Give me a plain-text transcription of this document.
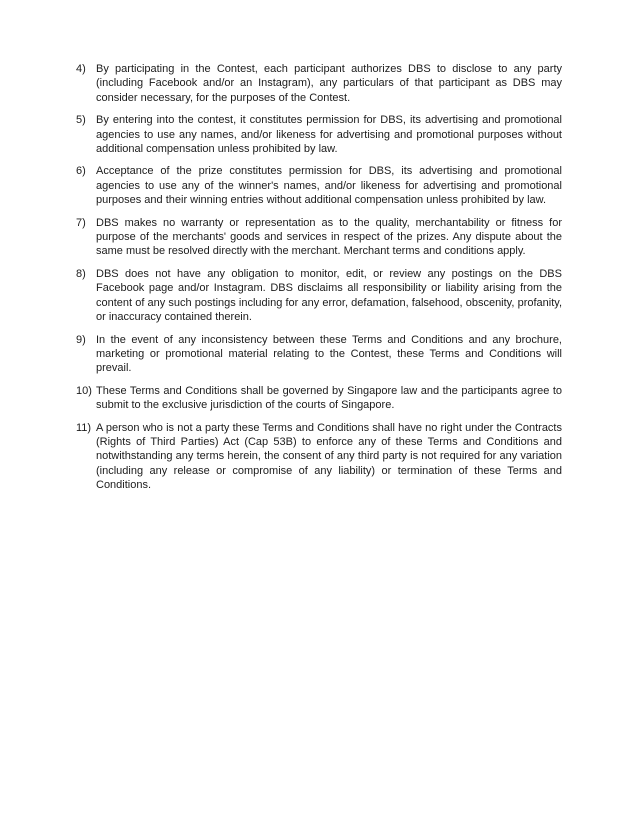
4) By participating in the Contest, each participant authorizes DBS to disclose to any party (including Facebook and/or an Instagram), any particulars of that participant as DBS may consider necessary, for the purposes of the Contest.
5) By entering into the contest, it constitutes permission for DBS, its advertising and promotional agencies to use any names, and/or likeness for advertising and promotional purposes without additional compensation unless prohibited by law.
6) Acceptance of the prize constitutes permission for DBS, its advertising and promotional agencies to use any of the winner's names, and/or likeness for advertising and promotional purposes and their winning entries without additional compensation unless prohibited by law.
7) DBS makes no warranty or representation as to the quality, merchantability or fitness for purpose of the merchants' goods and services in respect of the prizes. Any dispute about the same must be resolved directly with the merchant. Merchant terms and conditions apply.
8) DBS does not have any obligation to monitor, edit, or review any postings on the DBS Facebook page and/or Instagram. DBS disclaims all responsibility or liability arising from the content of any such postings including for any error, defamation, falsehood, obscenity, profanity, or inaccuracy contained therein.
9) In the event of any inconsistency between these Terms and Conditions and any brochure, marketing or promotional material relating to the Contest, these Terms and Conditions will prevail.
10) These Terms and Conditions shall be governed by Singapore law and the participants agree to submit to the exclusive jurisdiction of the courts of Singapore.
11) A person who is not a party these Terms and Conditions shall have no right under the Contracts (Rights of Third Parties) Act (Cap 53B) to enforce any of these Terms and Conditions and notwithstanding any terms herein, the consent of any third party is not required for any variation (including any release or compromise of any liability) or termination of these Terms and Conditions.
